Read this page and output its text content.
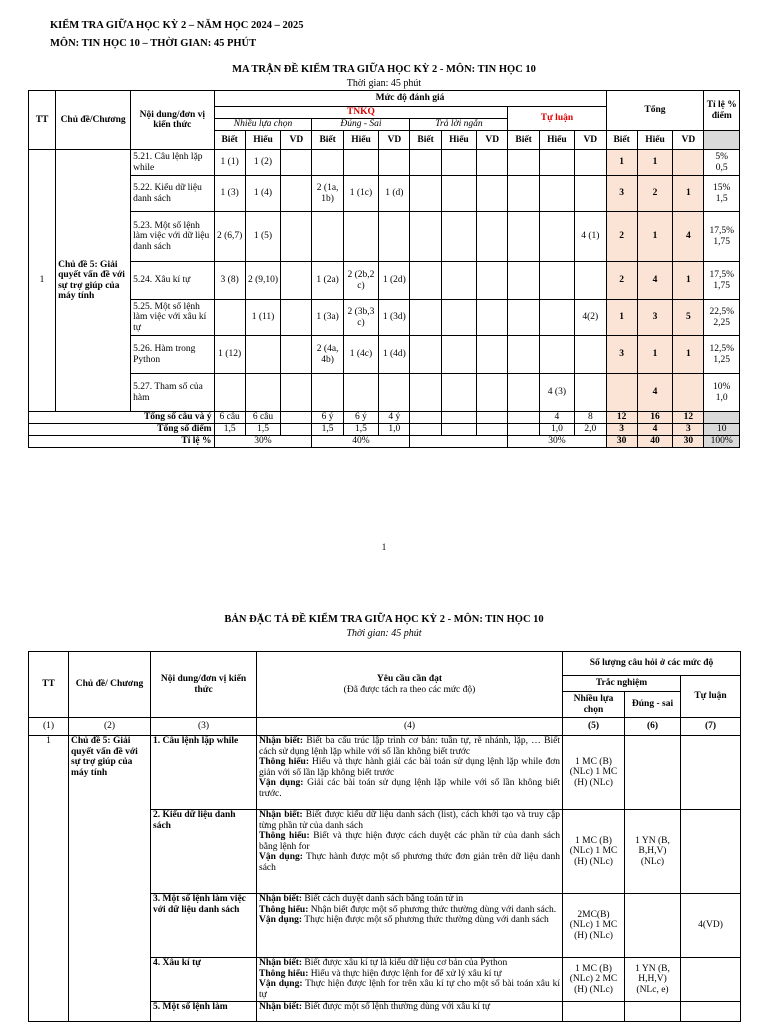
KIỂM TRA GIỮA HỌC KỲ 2 – NĂM HỌC 2024 – 2025
MÔN: TIN HỌC 10 – THỜI GIAN: 45 PHÚT
MA TRẬN ĐỀ KIỂM TRA GIỮA HỌC KỲ 2 - MÔN: TIN HỌC 10
Thời gian: 45 phút
TT	Chủ đề/Chương	Nội dung/đơn vị kiến thức	Mức độ đánh giá												Tổng			Tỉ lệ % điểm
			TNKQ									Tự luận						
			Nhiều lựa chọn			Đúng - Sai			Trả lời ngắn									
			Biết	Hiểu	VD	Biết	Hiểu	VD	Biết	Hiểu	VD	Biết	Hiểu	VD	Biết	Hiểu	VD	
1	Chủ đề 5: Giải quyết vấn đề với sự trợ giúp của máy tính	5.21. Câu lệnh lặp while	1 (1)	1 (2)											1	1		5%
0,5
		5.22. Kiểu dữ liệu danh sách	1 (3)	1 (4)		2 (1a, 1b)	1 (1c)	1 (d)							3	2	1	15%
1,5
		5.23. Một số lệnh làm việc với dữ liệu danh sách	2 (6,7)	1 (5)										4 (1)	2	1	4	17,5%
1,75
		5.24. Xâu kí tự	3 (8)	2 (9,10)		1 (2a)	2 (2b,2 c)	1 (2d)							2	4	1	17,5%
1,75
		5.25. Một số lệnh làm việc với xâu kí tự		1 (11)		1 (3a)	2 (3b,3 c)	1 (3d)						4(2)	1	3	5	22,5%
2,25
		5.26. Hàm trong Python	1 (12)			2 (4a, 4b)	1 (4c)	1 (4d)							3	1	1	12,5%
1,25
		5.27. Tham số của hàm											4 (3)			4		10%
1,0
Tổng số câu và ý			6 câu	6 câu		6 ý	6 ý	4 ý					4	8	12	16	12	
Tổng số điểm			1,5	1,5		1,5	1,5	1,0					1,0	2,0	3	4	3	10
Tỉ lệ %			30%			40%						30%			30	40	30	100%
1
BẢN ĐẶC TẢ ĐỀ KIỂM TRA GIỮA HỌC KỲ 2 - MÔN: TIN HỌC 10
Thời gian: 45 phút
TT	Chủ đề/ Chương	Nội dung/đơn vị kiến thức	Yêu cầu cần đạt
(Đã được tách ra theo các mức độ)	Số lượng câu hỏi ở các mức độ		
				Trắc nghiệm		Tự luận
				Nhiều lựa chọn	Đúng - sai	
(1)	(2)	(3)	(4)	(5)	(6)	(7)
1	Chủ đề 5: Giải quyết vấn đề với sự trợ giúp của máy tính	1. Câu lệnh lặp while	Nhận biết: Biết ba cấu trúc lập trình cơ bản: tuần tự, rẽ nhánh, lặp, … Biết cách sử dụng lệnh lặp while với số lần không biết trước
Thông hiểu: Hiểu và thực hành giải các bài toán sử dụng lệnh lặp while đơn giản với số lần lặp không biết trước
Vận dụng: Giải các bài toán sử dụng lệnh lặp while với số lần không biết trước.	1 MC (B) (NLc) 1 MC (H) (NLc)		
		2. Kiểu dữ liệu danh sách	Nhận biết: Biết được kiểu dữ liệu danh sách (list), cách khởi tạo và truy cập từng phần tử của danh sách
Thông hiểu: Biết và thực hiện được cách duyệt các phần tử của danh sách bằng lệnh for
Vận dụng: Thực hành được một số phương thức đơn giản trên dữ liệu danh sách	1 MC (B) (NLc) 1 MC (H) (NLc)	1 YN (B, B,H,V) (NLc)	
		3. Một số lệnh làm việc với dữ liệu danh sách	Nhận biết: Biết cách duyệt danh sách bằng toán tử in
Thông hiểu: Nhận biết được một số phương thức thường dùng với danh sách.
Vận dụng: Thực hiện được một số phương thức thường dùng với danh sách	2MC(B) (NLc) 1 MC (H) (NLc)		4(VD)
		4. Xâu kí tự	Nhận biết: Biết được xâu kí tự là kiểu dữ liệu cơ bản của Python
Thông hiểu: Hiểu và thực hiện được lệnh for để xử lý xâu kí tự
Vận dụng: Thực hiện được lệnh for trên xâu kí tự cho một số bài toán xâu kí tự	1 MC (B) (NLc) 2 MC (H) (NLc)	1 YN (B, H,H,V) (NLc, e)	
		5. Một số lệnh làm	Nhận biết: Biết được một số lệnh thường dùng với xâu kí tự			
